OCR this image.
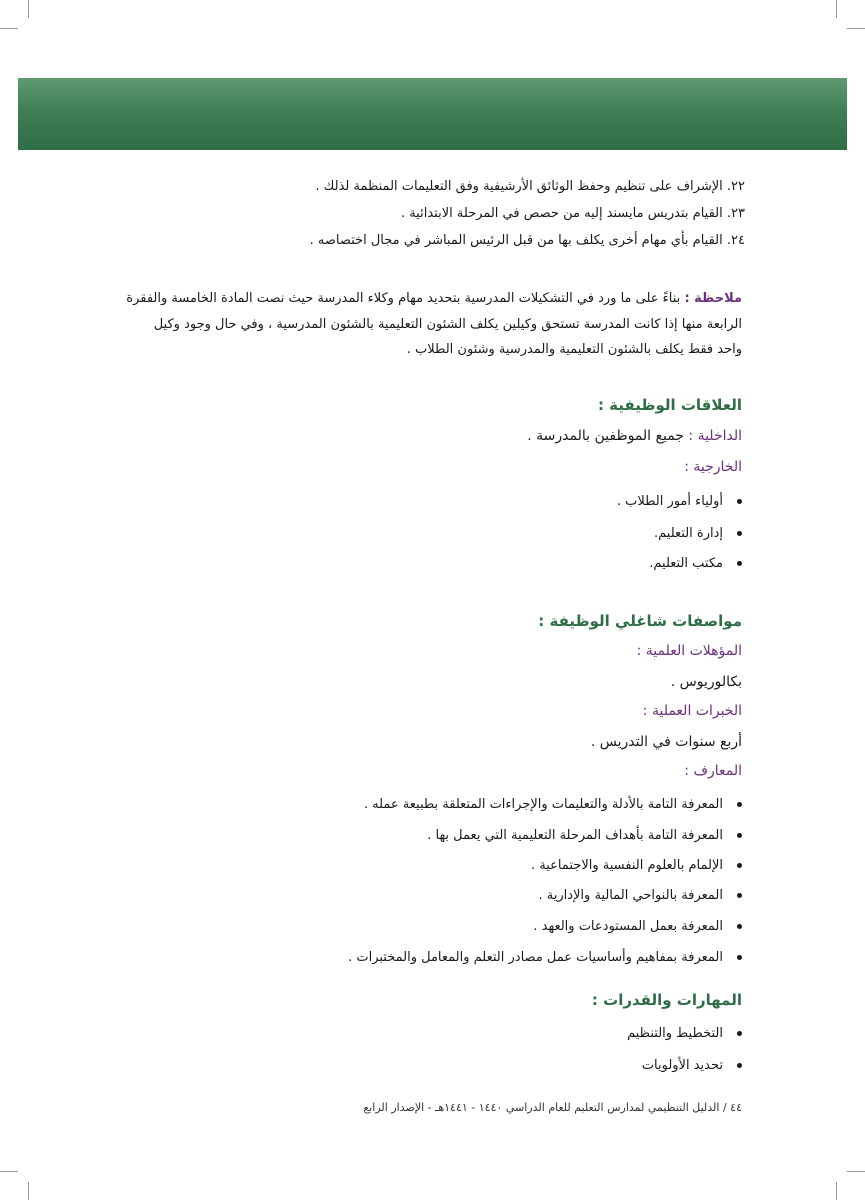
٢٢. الإشراف على تنظيم وحفظ الوثائق الأرشيفية وفق التعليمات المنظمة لذلك .
٢٣. القيام بتدريس مايسند إليه من حصص في المرحلة الابتدائية .
٢٤. القيام بأي مهام أخرى يكلف بها من قبل الرئيس المباشر في مجال اختصاصه .
ملاحظة : بناءً على ما ورد في التشكيلات المدرسية بتحديد مهام وكلاء المدرسة حيث نصت المادة الخامسة والفقرة
الرابعة منها إذا كانت المدرسة تستحق وكيلين يكلف الشئون التعليمية بالشئون المدرسية ، وفي حال وجود وكيل
واحد فقط يكلف بالشئون التعليمية والمدرسية وشئون الطلاب .
العلاقات الوظيفية :
الداخلية : جميع الموظفين بالمدرسة .
الخارجية :
أولياء أمور الطلاب .
إدارة التعليم.
مكتب التعليم.
مواصفات شاغلي الوظيفة :
المؤهلات العلمية :
بكالوريوس .
الخبرات العملية :
أربع سنوات في التدريس .
المعارف :
المعرفة التامة بالأدلة والتعليمات والإجراءات المتعلقة بطبيعة عمله .
المعرفة التامة بأهداف المرحلة التعليمية التي يعمل بها .
الإلمام بالعلوم النفسية والاجتماعية .
المعرفة بالنواحي المالية والإدارية .
المعرفة بعمل المستودعات والعهد .
المعرفة بمفاهيم وأساسيات عمل مصادر التعلم والمعامل والمختبرات .
المهارات والقدرات :
التخطيط والتنظيم
تحديد الأولويات
٤٤ / الدليل التنظيمي لمدارس التعليم للعام الدراسي ١٤٤٠ - ١٤٤١هـ - الإصدار الرابع
